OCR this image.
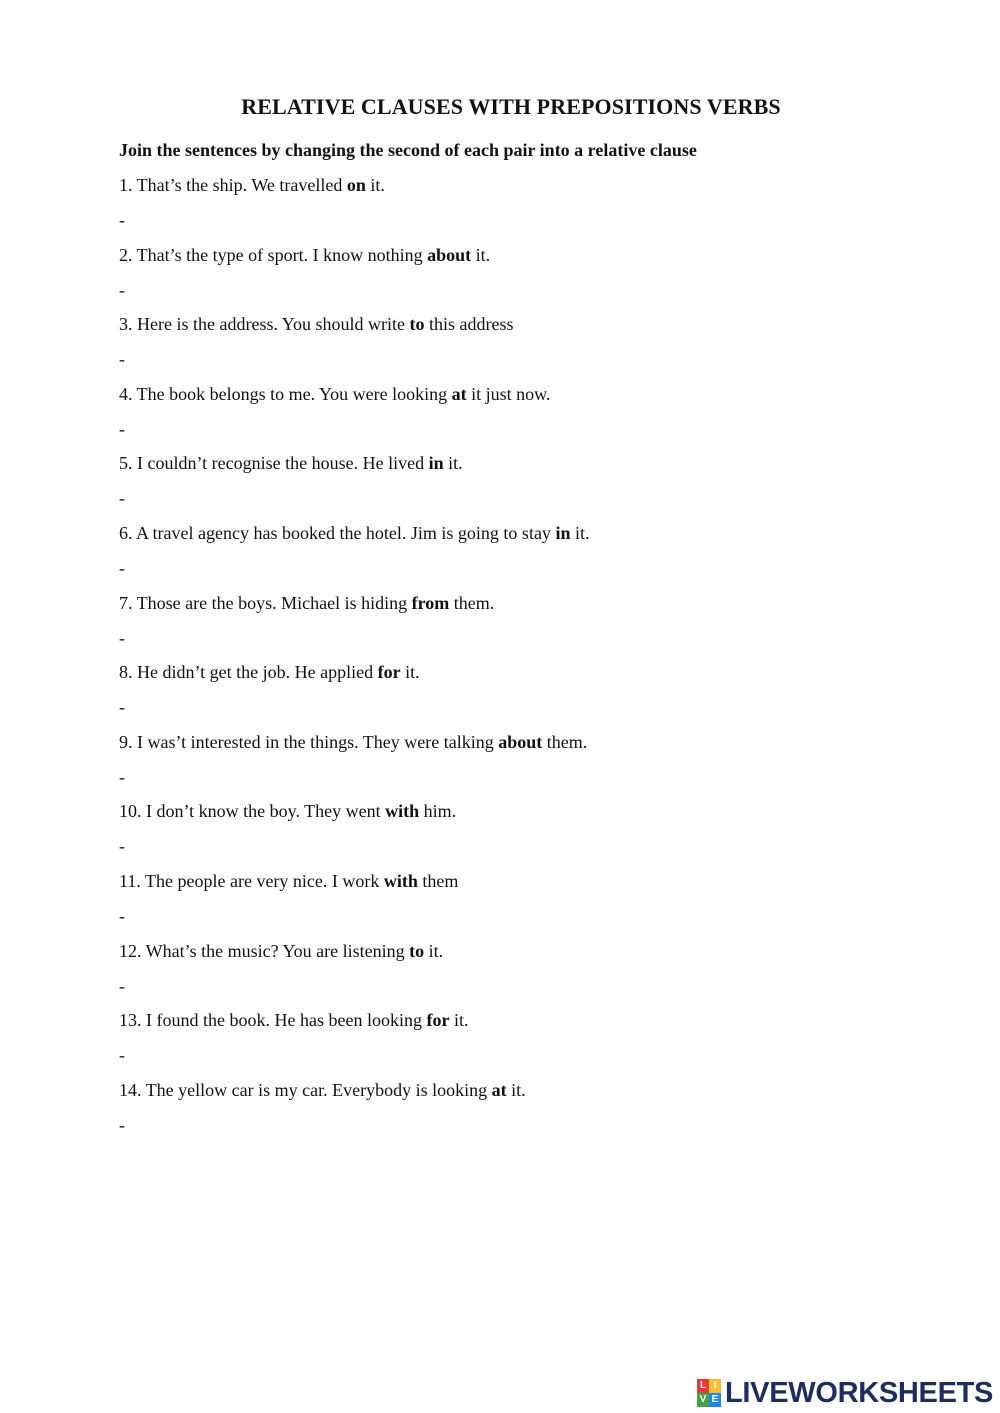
RELATIVE CLAUSES WITH PREPOSITIONS VERBS
Join the sentences by changing the second of each pair into a relative clause
1. That’s the ship. We travelled on it.
-
2. That’s the type of sport. I know nothing about it.
-
3. Here is the address. You should write to this address
-
4. The book belongs to me. You were looking at it just now.
-
5. I couldn’t recognise the house. He lived in it.
-
6. A travel agency has booked the hotel. Jim is going to stay in it.
-
7. Those are the boys. Michael is hiding from them.
-
8. He didn’t get the job. He applied for it.
-
9. I was’t interested in the things. They were talking about them.
-
10. I don’t know the boy. They went with him.
-
11. The people are very nice. I work with them
-
12. What’s the music? You are listening to it.
-
13. I found the book. He has been looking for it.
-
14. The yellow car is my car. Everybody is looking at it.
-
L I
V E LIVEWORKSHEETS
